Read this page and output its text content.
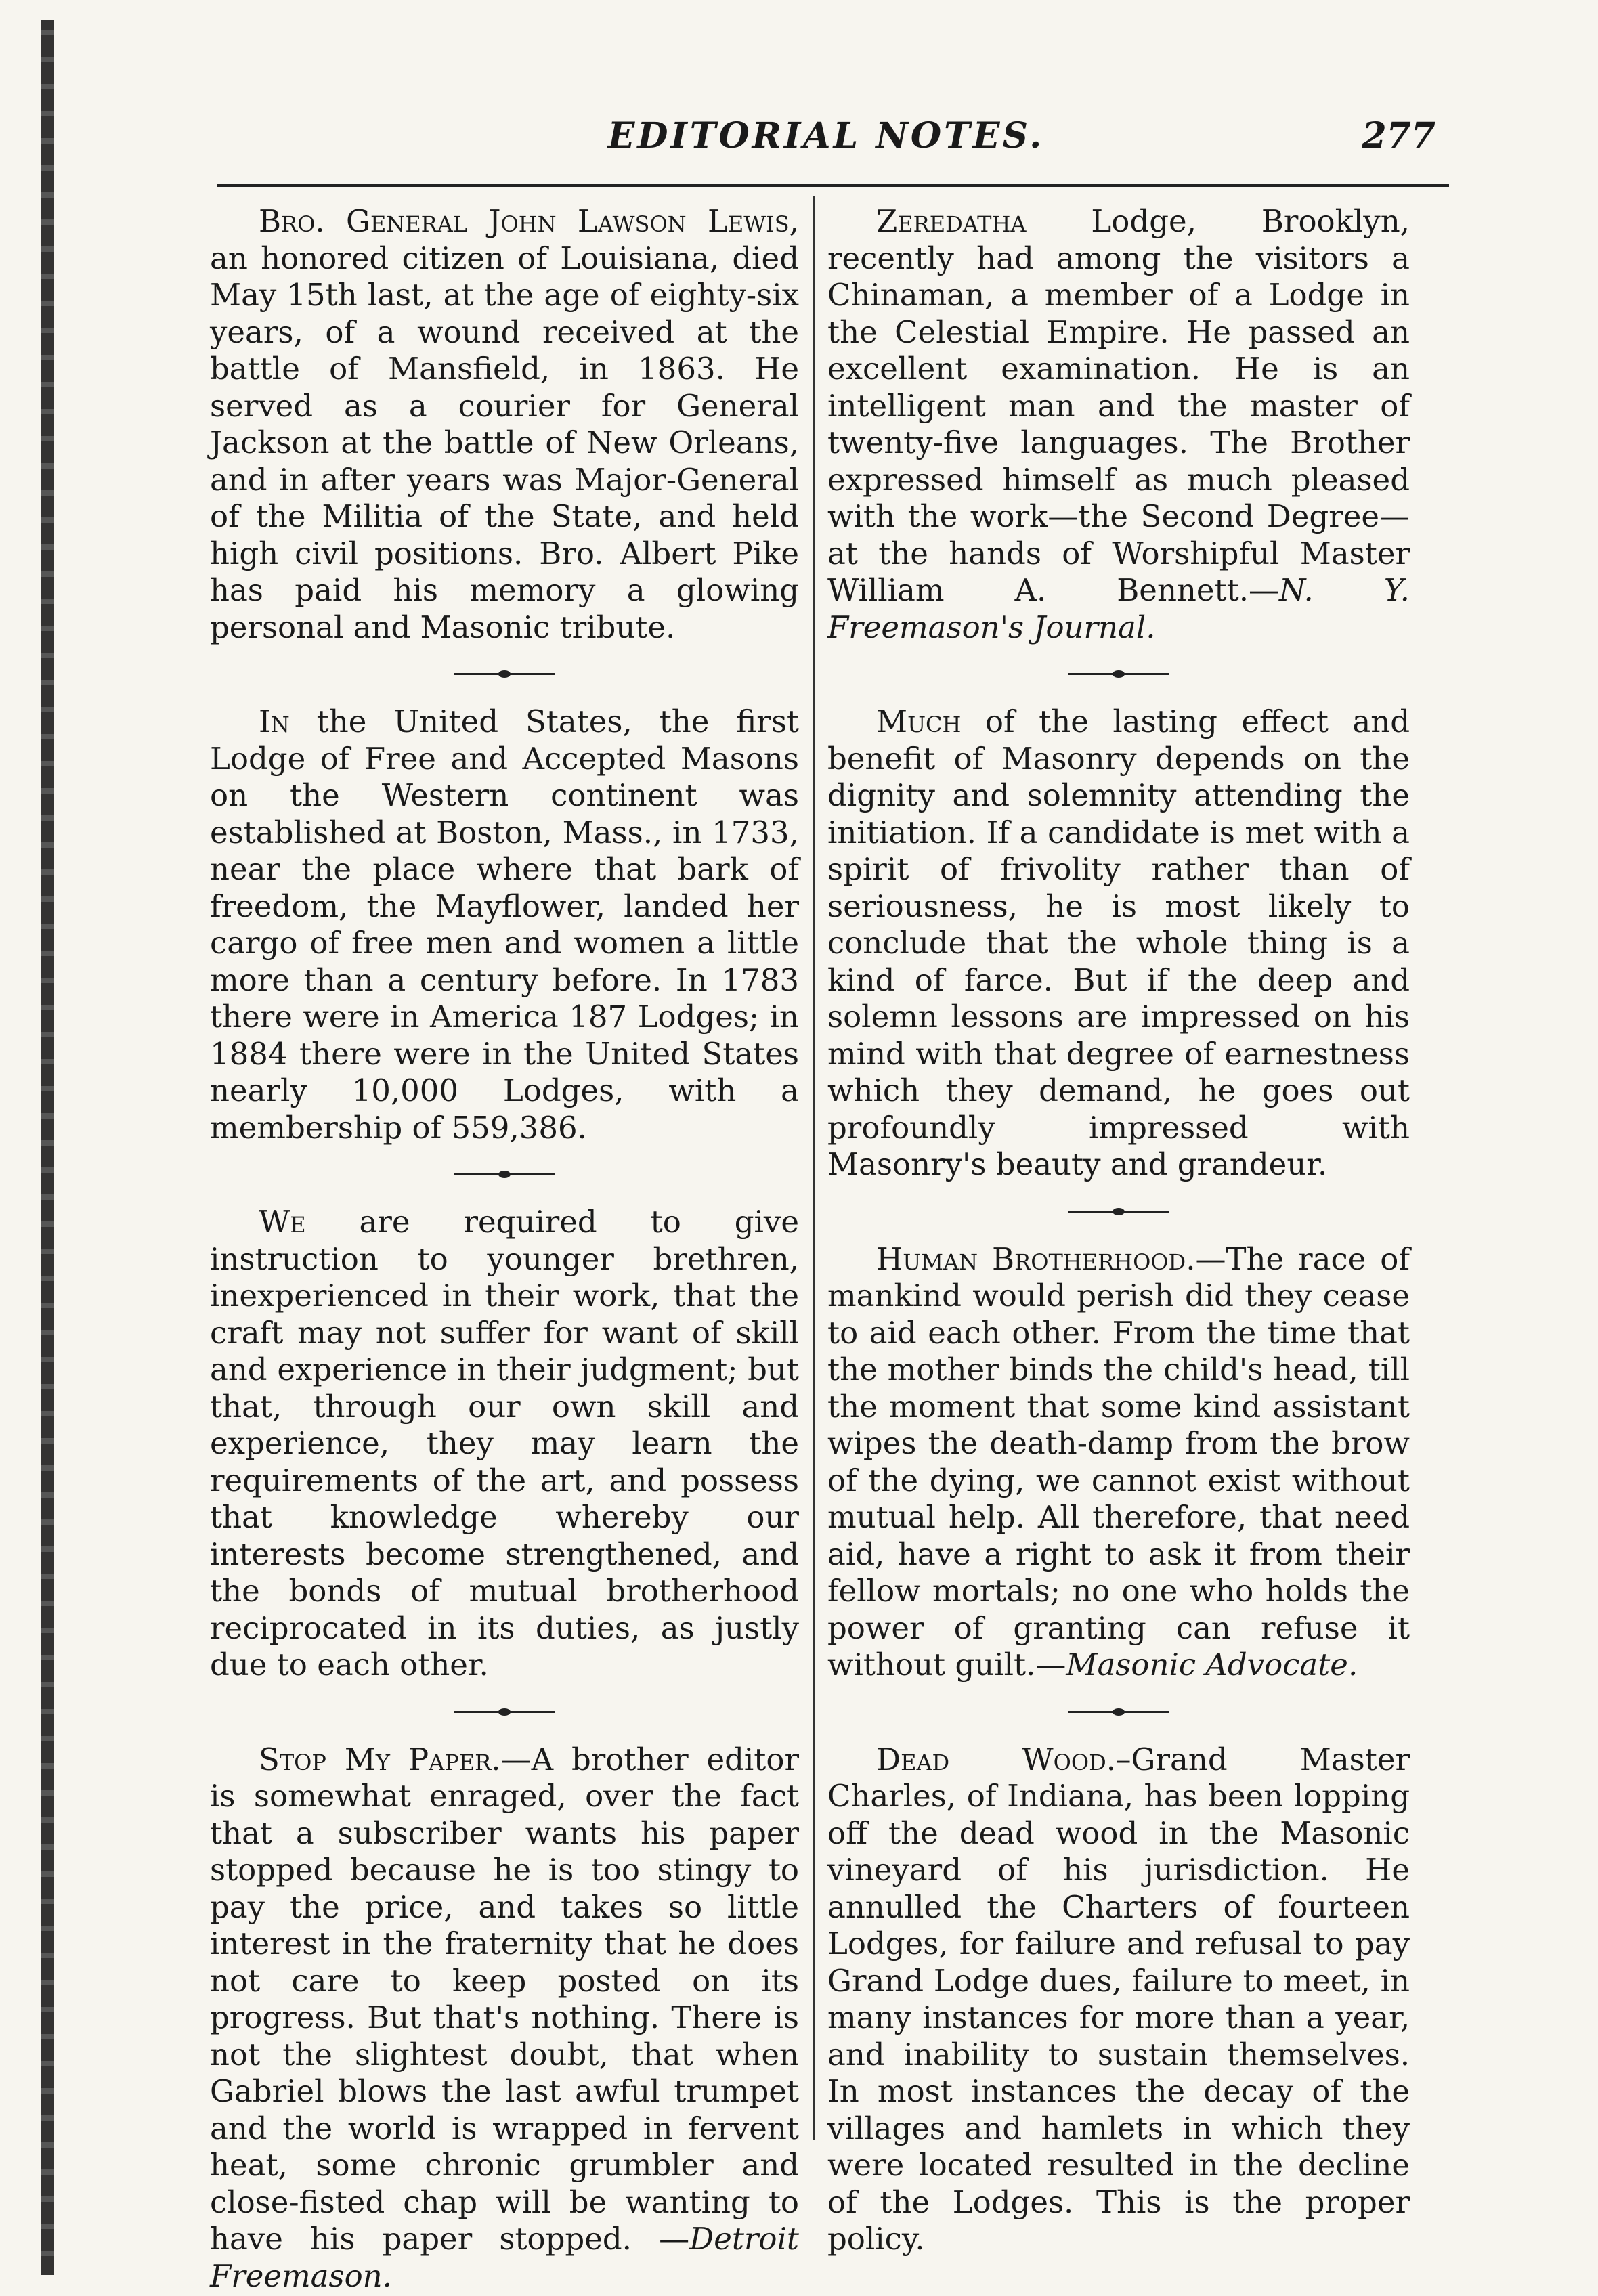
EDITORIAL NOTES.	277

Bro. General John Lawson Lewis, an honored citizen of Louisiana, died May 15th last, at the age of eighty-six years, of a wound received at the battle of Mansfield, in 1863. He served as a courier for General Jackson at the battle of New Orleans, and in after years was Major-General of the Militia of the State, and held high civil positions. Bro. Albert Pike has paid his memory a glowing personal and Masonic tribute.

In the United States, the first Lodge of Free and Accepted Masons on the Western continent was established at Boston, Mass., in 1733, near the place where that bark of freedom, the Mayflower, landed her cargo of free men and women a little more than a century before. In 1783 there were in America 187 Lodges; in 1884 there were in the United States nearly 10,000 Lodges, with a membership of 559,386.

We are required to give instruction to younger brethren, inexperienced in their work, that the craft may not suffer for want of skill and experience in their judgment; but that, through our own skill and experience, they may learn the requirements of the art, and possess that knowledge whereby our interests become strengthened, and the bonds of mutual brotherhood reciprocated in its duties, as justly due to each other.

Stop My Paper.—A brother editor is somewhat enraged, over the fact that a subscriber wants his paper stopped because he is too stingy to pay the price, and takes so little interest in the fraternity that he does not care to keep posted on its progress. But that's nothing. There is not the slightest doubt, that when Gabriel blows the last awful trumpet and the world is wrapped in fervent heat, some chronic grumbler and close-fisted chap will be wanting to have his paper stopped. —Detroit Freemason.

Zeredatha Lodge, Brooklyn, recently had among the visitors a Chinaman, a member of a Lodge in the Celestial Empire. He passed an excellent examination. He is an intelligent man and the master of twenty-five languages. The Brother expressed himself as much pleased with the work—the Second Degree—at the hands of Worshipful Master William A. Bennett.—N. Y. Freemason's Journal.

Much of the lasting effect and benefit of Masonry depends on the dignity and solemnity attending the initiation. If a candidate is met with a spirit of frivolity rather than of seriousness, he is most likely to conclude that the whole thing is a kind of farce. But if the deep and solemn lessons are impressed on his mind with that degree of earnestness which they demand, he goes out profoundly impressed with Masonry's beauty and grandeur.

Human Brotherhood.—The race of mankind would perish did they cease to aid each other. From the time that the mother binds the child's head, till the moment that some kind assistant wipes the death-damp from the brow of the dying, we cannot exist without mutual help. All therefore, that need aid, have a right to ask it from their fellow mortals; no one who holds the power of granting can refuse it without guilt.—Masonic Advocate.

Dead Wood.–Grand Master Charles, of Indiana, has been lopping off the dead wood in the Masonic vineyard of his jurisdiction. He annulled the Charters of fourteen Lodges, for failure and refusal to pay Grand Lodge dues, failure to meet, in many instances for more than a year, and inability to sustain themselves. In most instances the decay of the villages and hamlets in which they were located resulted in the decline of the Lodges. This is the proper policy.
